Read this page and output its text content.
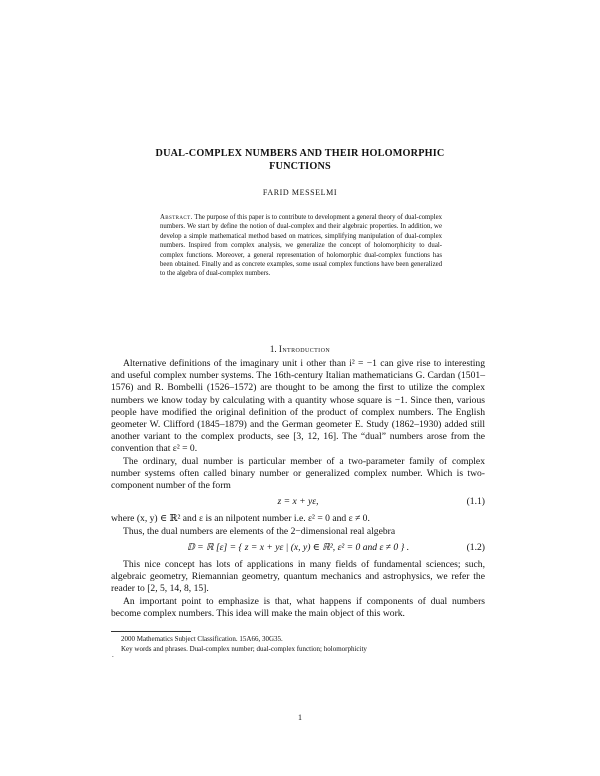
DUAL-COMPLEX NUMBERS AND THEIR HOLOMORPHIC
FUNCTIONS
FARID MESSELMI
Abstract. The purpose of this paper is to contribute to development a general theory of dual-complex numbers. We start by define the notion of dual-complex and their algebraic properties. In addition, we develop a simple mathematical method based on matrices, simplifying manipulation of dual-complex numbers. Inspired from complex analysis, we generalize the concept of holomorphicity to dual-complex functions. Moreover, a general representation of holomorphic dual-complex functions has been obtained. Finally and as concrete examples, some usual complex functions have been generalized to the algebra of dual-complex numbers.
1. Introduction

Alternative definitions of the imaginary unit i other than i² = −1 can give rise to interesting and useful complex number systems. The 16th-century Italian mathematicians G. Cardan (1501–1576) and R. Bombelli (1526–1572) are thought to be among the first to utilize the complex numbers we know today by calculating with a quantity whose square is −1. Since then, various people have modified the original definition of the product of complex numbers. The English geometer W. Clifford (1845–1879) and the German geometer E. Study (1862–1930) added still another variant to the complex products, see [3, 12, 16]. The “dual” numbers arose from the convention that ε² = 0.

The ordinary, dual number is particular member of a two-parameter family of complex number systems often called binary number or generalized complex number. Which is two-component number of the form

z = x + yε,	(1.1)

where (x, y) ∈ ℝ² and ε is an nilpotent number i.e. ε² = 0 and ε ≠ 0.

Thus, the dual numbers are elements of the 2−dimensional real algebra

𝔻 = ℝ [ε] = { z = x + yε | (x, y) ∈ ℝ², ε² = 0 and ε ≠ 0 } .	(1.2)

This nice concept has lots of applications in many fields of fundamental sciences; such, algebraic geometry, Riemannian geometry, quantum mechanics and astrophysics, we refer the reader to [2, 5, 14, 8, 15].

An important point to emphasize is that, what happens if components of dual numbers become complex numbers. This idea will make the main object of this work.

2000 Mathematics Subject Classification. 15A66, 30G35.

Key words and phrases. Dual-complex number; dual-complex function; holomorphicity

.
1
